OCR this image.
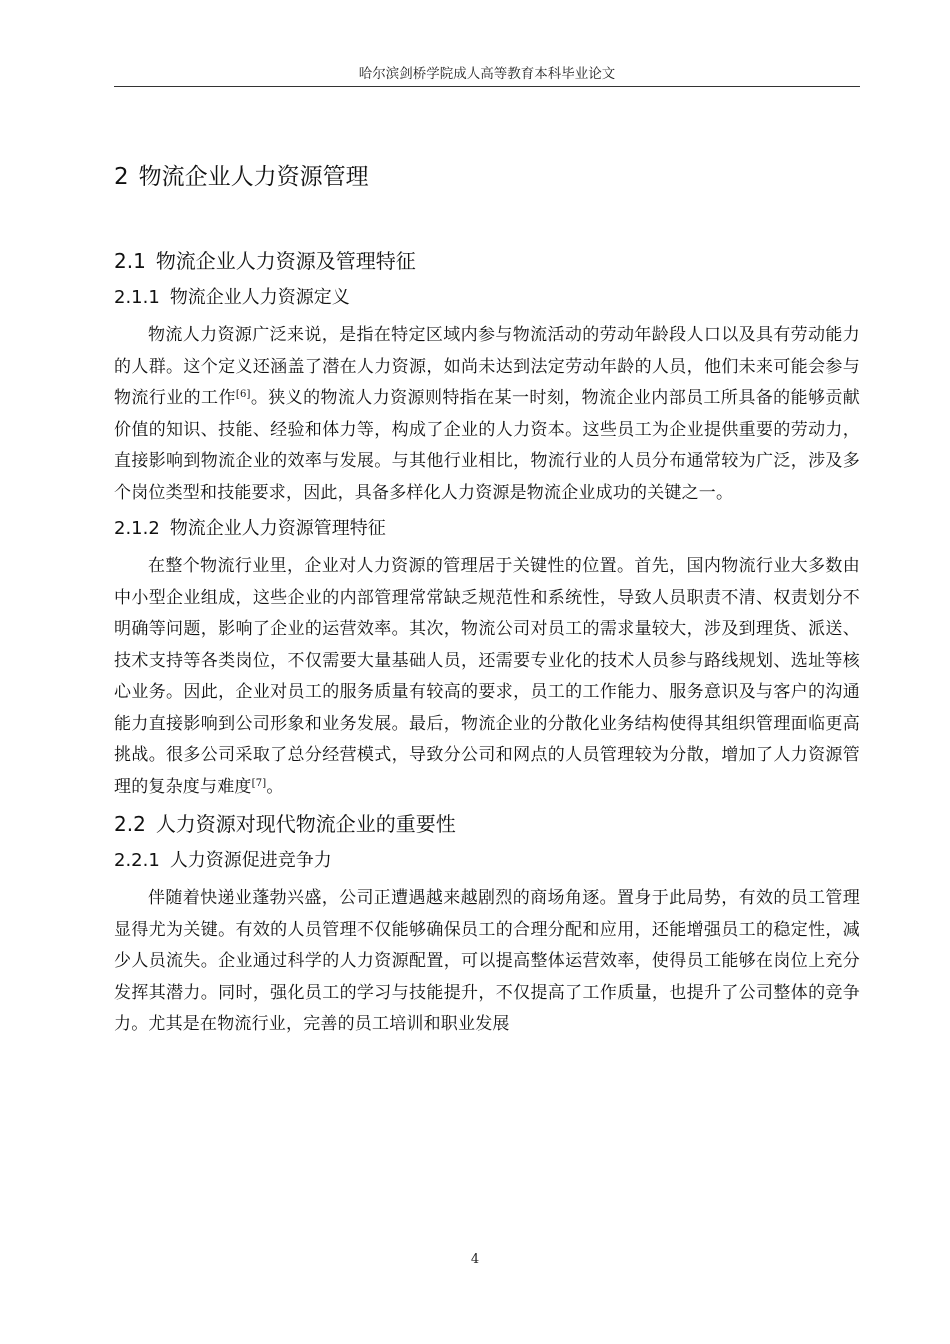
哈尔滨剑桥学院成人高等教育本科毕业论文
2 物流企业人力资源管理
2.1 物流企业人力资源及管理特征
2.1.1 物流企业人力资源定义

物流人力资源广泛来说，是指在特定区域内参与物流活动的劳动年龄段人口以及具有劳动能力的人群。这个定义还涵盖了潜在人力资源，如尚未达到法定劳动年龄的人员，他们未来可能会参与物流行业的工作[6]。狭义的物流人力资源则特指在某一时刻，物流企业内部员工所具备的能够贡献价值的知识、技能、经验和体力等，构成了企业的人力资本。这些员工为企业提供重要的劳动力，直接影响到物流企业的效率与发展。与其他行业相比，物流行业的人员分布通常较为广泛，涉及多个岗位类型和技能要求，因此，具备多样化人力资源是物流企业成功的关键之一。

2.1.2 物流企业人力资源管理特征

在整个物流行业里，企业对人力资源的管理居于关键性的位置。首先，国内物流行业大多数由中小型企业组成，这些企业的内部管理常常缺乏规范性和系统性，导致人员职责不清、权责划分不明确等问题，影响了企业的运营效率。其次，物流公司对员工的需求量较大，涉及到理货、派送、技术支持等各类岗位，不仅需要大量基础人员，还需要专业化的技术人员参与路线规划、选址等核心业务。因此，企业对员工的服务质量有较高的要求，员工的工作能力、服务意识及与客户的沟通能力直接影响到公司形象和业务发展。最后，物流企业的分散化业务结构使得其组织管理面临更高挑战。很多公司采取了总分经营模式，导致分公司和网点的人员管理较为分散，增加了人力资源管理的复杂度与难度[7]。

2.2 人力资源对现代物流企业的重要性
2.2.1 人力资源促进竞争力

伴随着快递业蓬勃兴盛，公司正遭遇越来越剧烈的商场角逐。置身于此局势，有效的员工管理显得尤为关键。有效的人员管理不仅能够确保员工的合理分配和应用，还能增强员工的稳定性，减少人员流失。企业通过科学的人力资源配置，可以提高整体运营效率，使得员工能够在岗位上充分发挥其潜力。同时，强化员工的学习与技能提升，不仅提高了工作质量，也提升了公司整体的竞争力。尤其是在物流行业，完善的员工培训和职业发展

4
